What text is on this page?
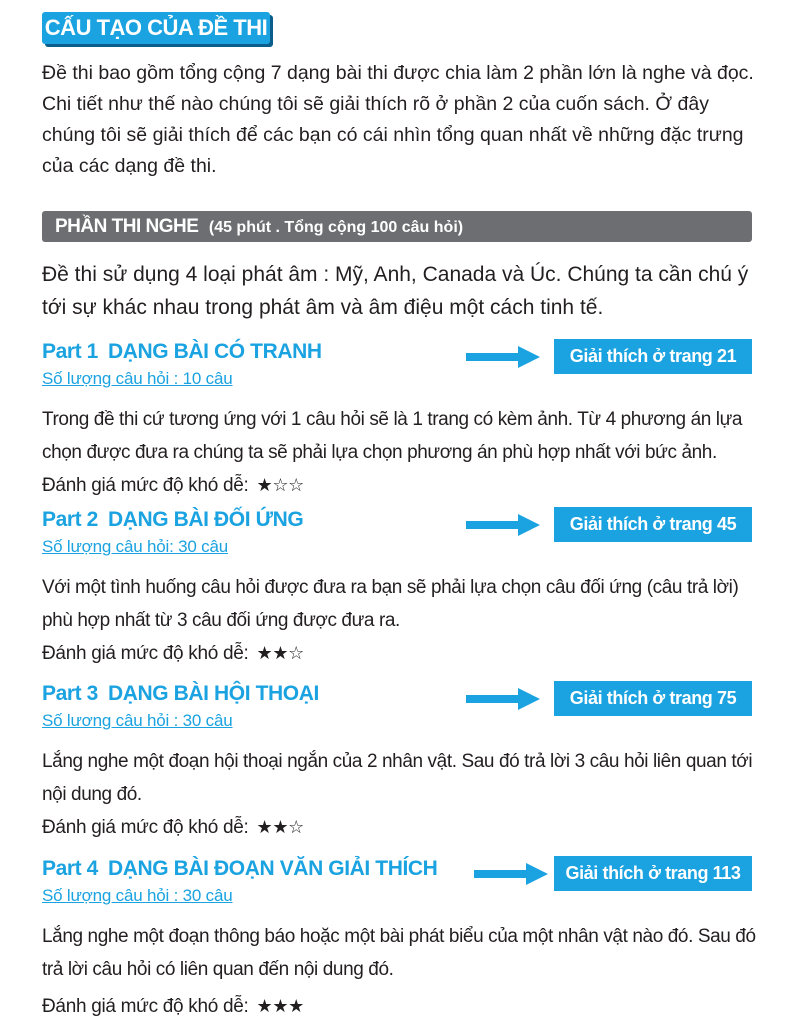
CẤU TẠO CỦA ĐỀ THI

Đề thi bao gồm tổng cộng 7 dạng bài thi được chia làm 2 phần lớn là nghe và đọc. Chi tiết như thế nào chúng tôi sẽ giải thích rõ ở phần 2 của cuốn sách. Ở đây chúng tôi sẽ giải thích để các bạn có cái nhìn tổng quan nhất về những đặc trưng của các dạng đề thi.

PHẦN THI NGHE (45 phút . Tổng cộng 100 câu hỏi)

Đề thi sử dụng 4 loại phát âm : Mỹ, Anh, Canada và Úc. Chúng ta cần chú ý tới sự khác nhau trong phát âm và âm điệu một cách tinh tế.

Part 1 DẠNG BÀI CÓ TRANH	Giải thích ở trang 21
Số lượng câu hỏi : 10 câu

Trong đề thi cứ tương ứng với 1 câu hỏi sẽ là 1 trang có kèm ảnh. Từ 4 phương án lựa chọn được đưa ra chúng ta sẽ phải lựa chọn phương án phù hợp nhất với bức ảnh.

Đánh giá mức độ khó dễ: ★☆☆

Part 2 DẠNG BÀI ĐỐI ỨNG	Giải thích ở trang 45
Số lượng câu hỏi: 30 câu

Với một tình huống câu hỏi được đưa ra bạn sẽ phải lựa chọn câu đối ứng (câu trả lời) phù hợp nhất từ 3 câu đối ứng được đưa ra.

Đánh giá mức độ khó dễ: ★★☆

Part 3 DẠNG BÀI HỘI THOẠI	Giải thích ở trang 75
Số lương câu hỏi : 30 câu

Lắng nghe một đoạn hội thoại ngắn của 2 nhân vật. Sau đó trả lời 3 câu hỏi liên quan tới nội dung đó.

Đánh giá mức độ khó dễ: ★★☆

Part 4 DẠNG BÀI ĐOẠN VĂN GIẢI THÍCH	Giải thích ở trang 113
Số lượng câu hỏi : 30 câu

Lắng nghe một đoạn thông báo hoặc một bài phát biểu của một nhân vật nào đó. Sau đó trả lời câu hỏi có liên quan đến nội dung đó.

Đánh giá mức độ khó dễ: ★★★
